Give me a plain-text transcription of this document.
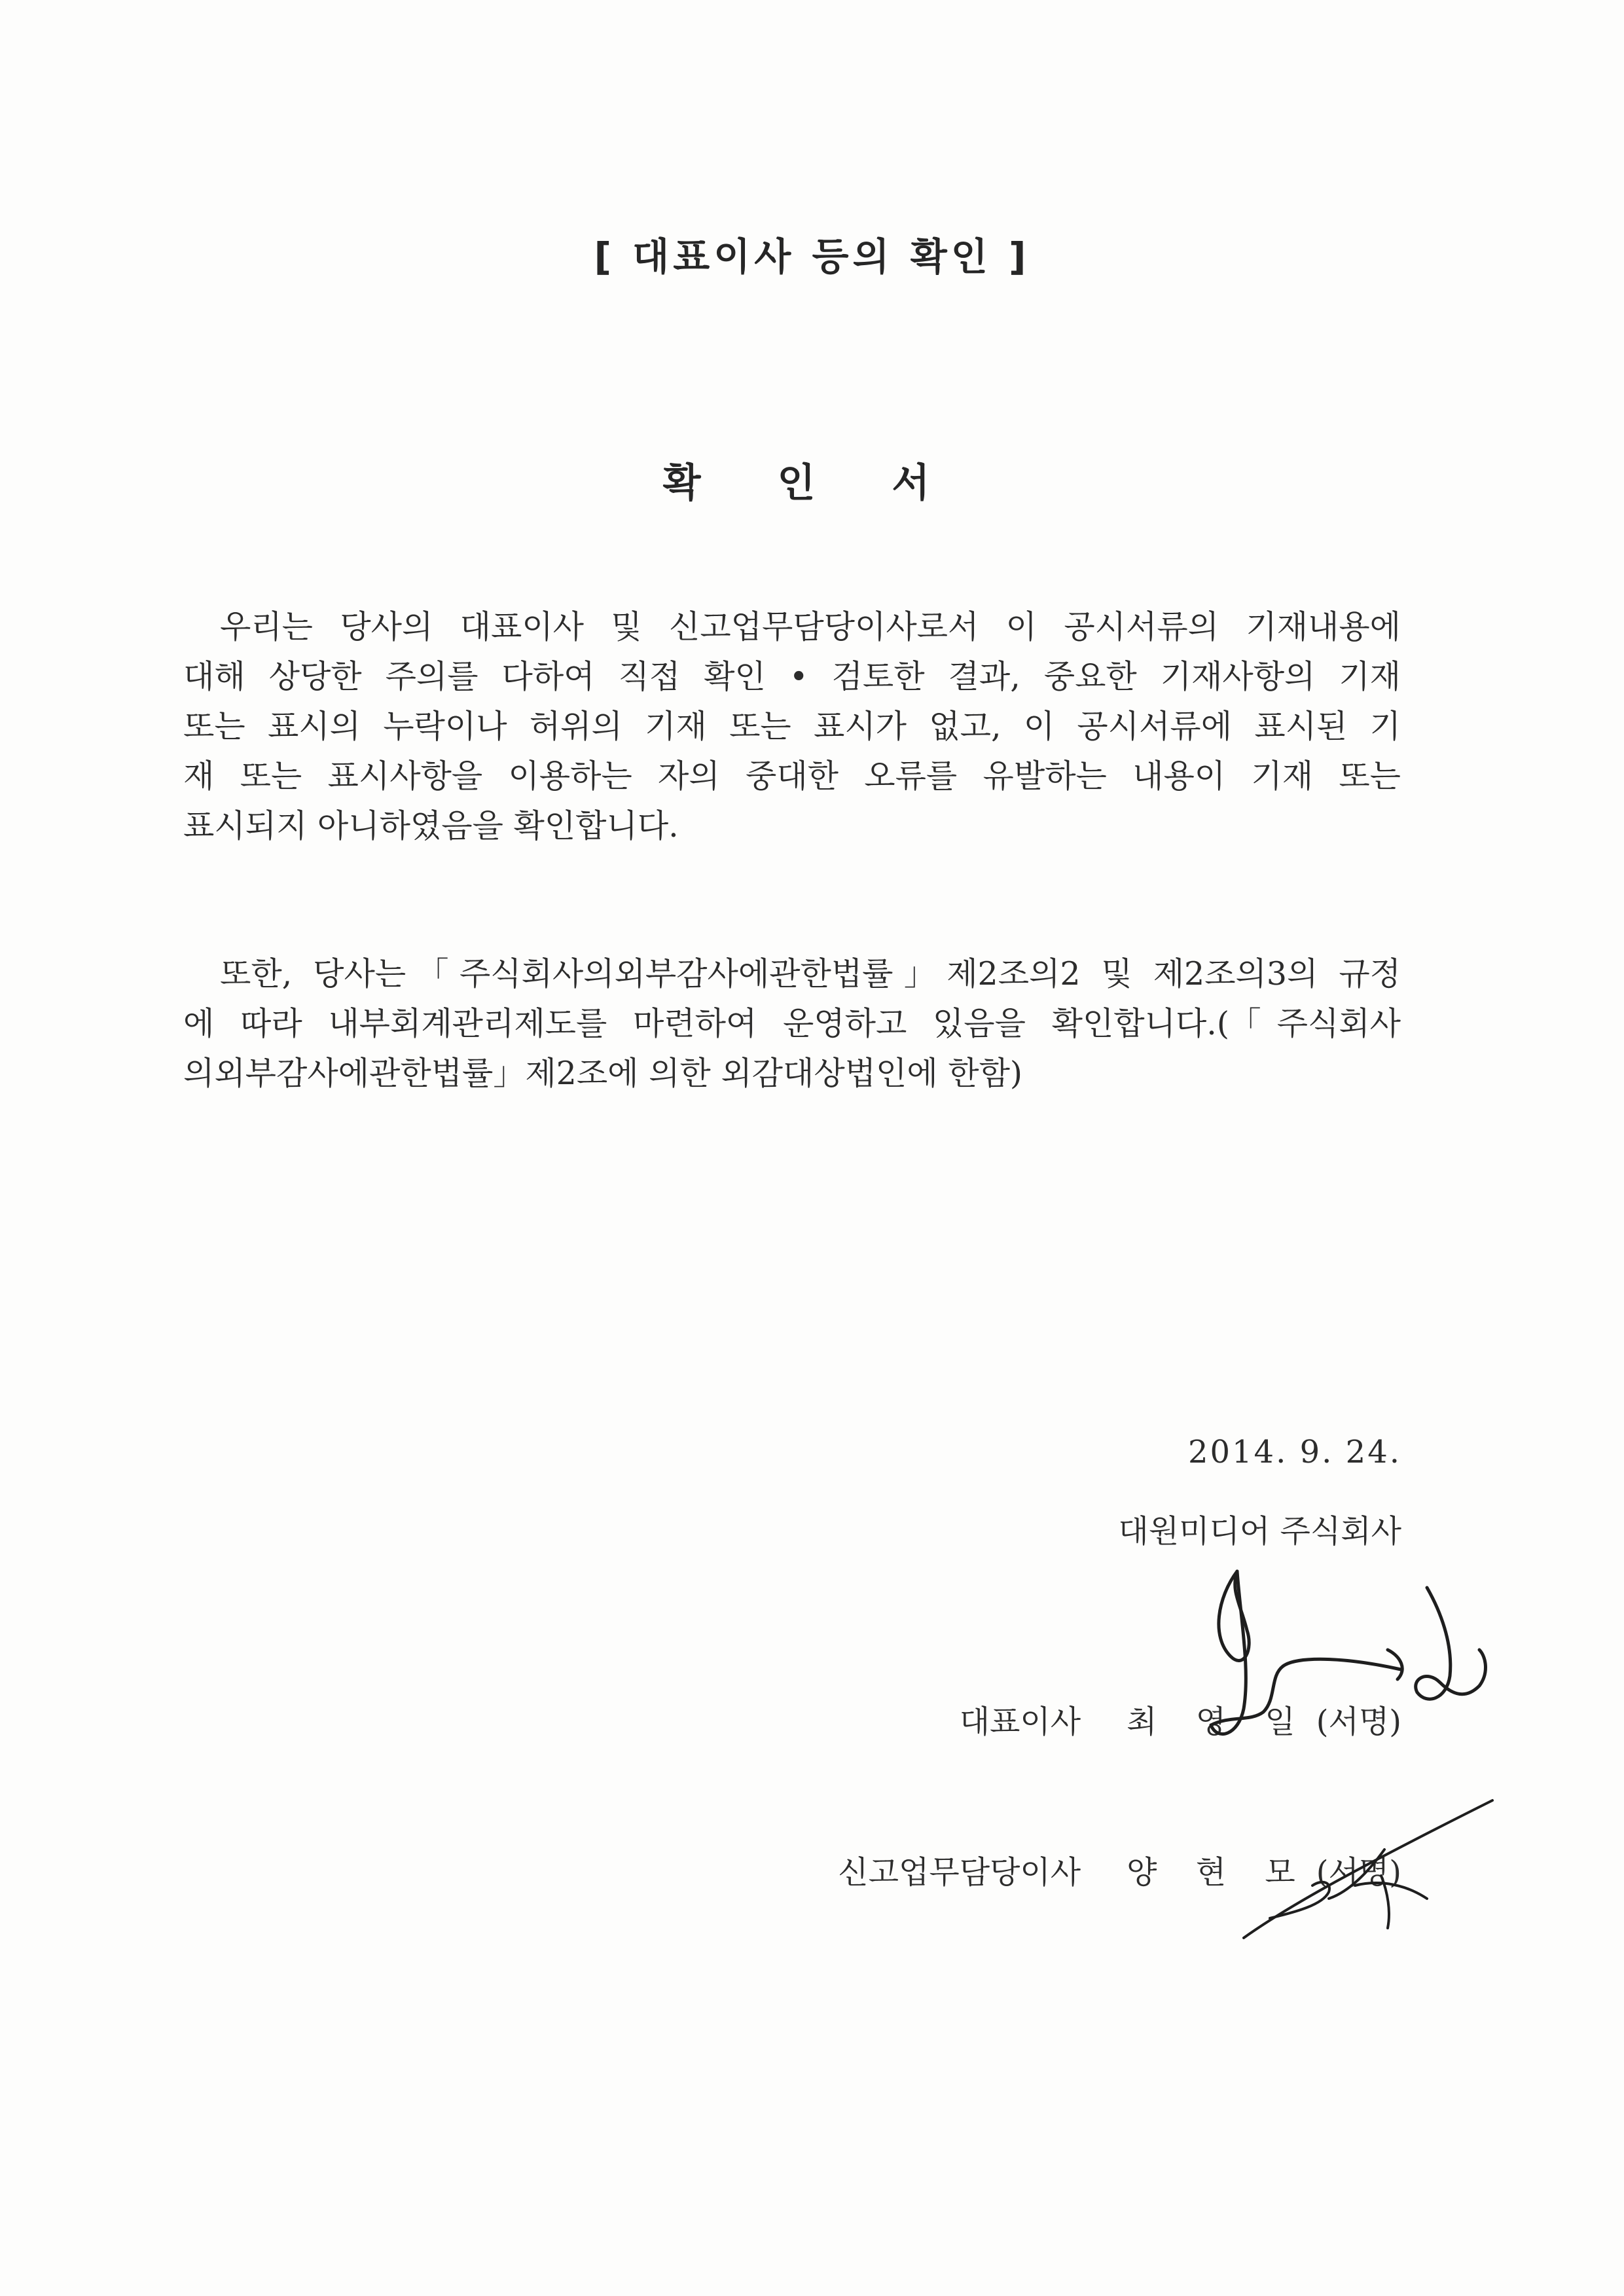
[ 대표이사 등의 확인 ]
확 인 서
우리는 당사의 대표이사 및 신고업무담당이사로서 이 공시서류의 기재내용에
대해 상당한 주의를 다하여 직접 확인 • 검토한 결과, 중요한 기재사항의 기재
또는 표시의 누락이나 허위의 기재 또는 표시가 없고, 이 공시서류에 표시된 기
재 또는 표시사항을 이용하는 자의 중대한 오류를 유발하는 내용이 기재 또는
표시되지 아니하였음을 확인합니다.
또한, 당사는「주식회사의외부감사에관한법률」제2조의2 및 제2조의3의 규정
에 따라 내부회계관리제도를 마련하여 운영하고 있음을 확인합니다.(「주식회사
의외부감사에관한법률」제2조에 의한 외감대상법인에 한함)
2014. 9. 24.
대원미디어 주식회사

대표이사 최 영 일 (서명)

신고업무담당이사 양 현 모 (서명)
